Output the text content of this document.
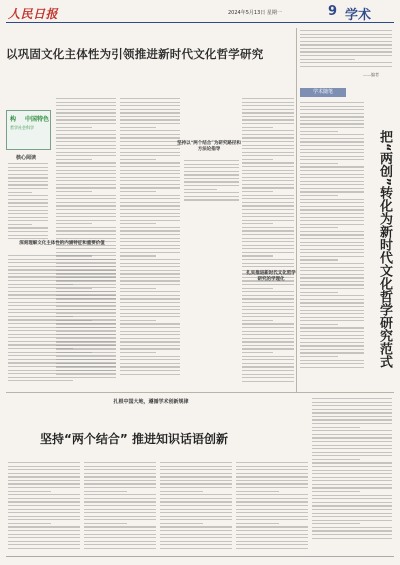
人民日报	2024年5月13日 星期一	9 学术
以巩固文化主体性为引领推进新时代文化哲学研究
构 中国特色
哲学社会科学
核心阅读
坚持以“两个结合”为研究路径和方法论指导
深刻理解文化主体性的内涵特征和重要价值
扎实推进新时代文化哲学研究的学理化
——编者
学术随笔
把“两创”转化为新时代文化哲学研究范式
扎根中国大地，遵循学术创新规律
坚持“两个结合” 推进知识话语创新
